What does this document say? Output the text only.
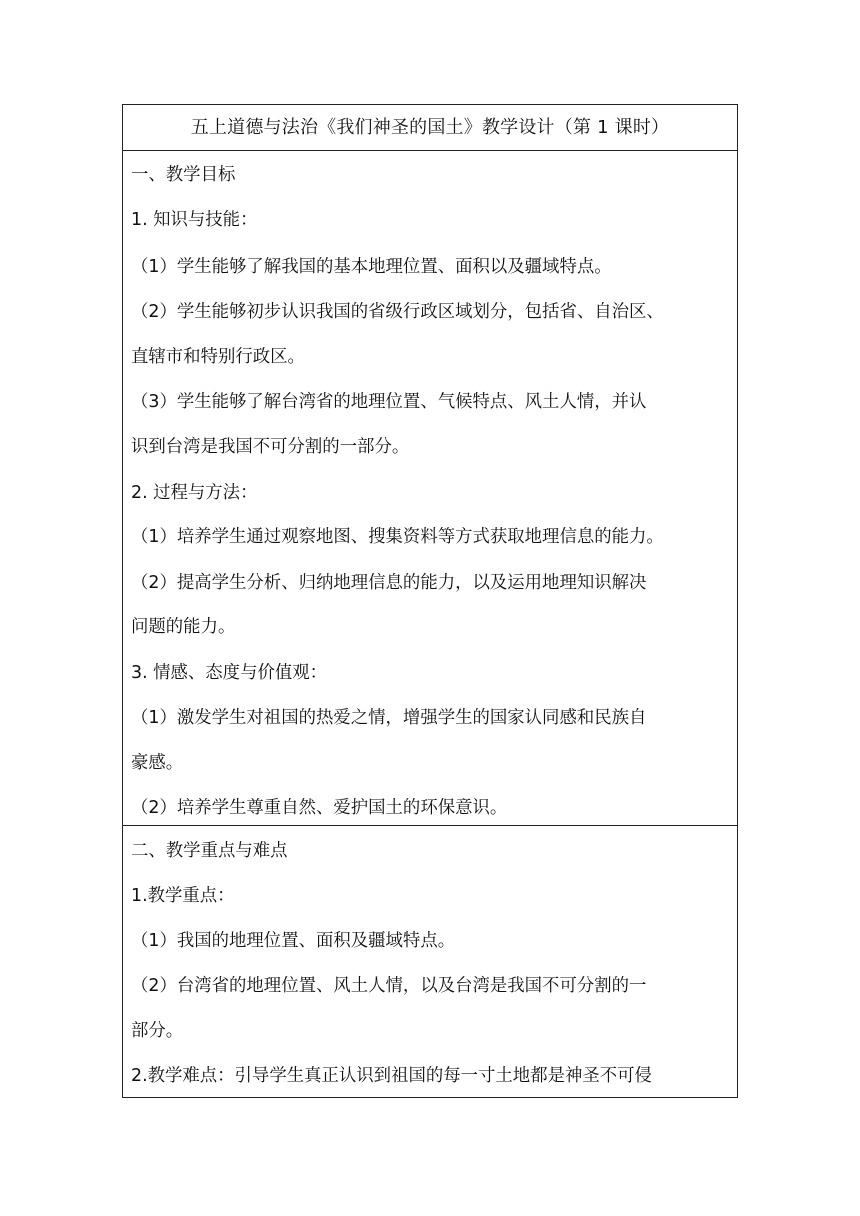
五上道德与法治《我们神圣的国土》教学设计（第 1 课时）
一、教学目标
1. 知识与技能：
（1）学生能够了解我国的基本地理位置、面积以及疆域特点。
（2）学生能够初步认识我国的省级行政区域划分，包括省、自治区、
直辖市和特别行政区。
（3）学生能够了解台湾省的地理位置、气候特点、风土人情，并认
识到台湾是我国不可分割的一部分。
2. 过程与方法：
（1）培养学生通过观察地图、搜集资料等方式获取地理信息的能力。
（2）提高学生分析、归纳地理信息的能力，以及运用地理知识解决
问题的能力。
3. 情感、态度与价值观：
（1）激发学生对祖国的热爱之情，增强学生的国家认同感和民族自
豪感。
（2）培养学生尊重自然、爱护国土的环保意识。
二、教学重点与难点
1.教学重点：
（1）我国的地理位置、面积及疆域特点。
（2）台湾省的地理位置、风土人情，以及台湾是我国不可分割的一
部分。
2.教学难点：引导学生真正认识到祖国的每一寸土地都是神圣不可侵
